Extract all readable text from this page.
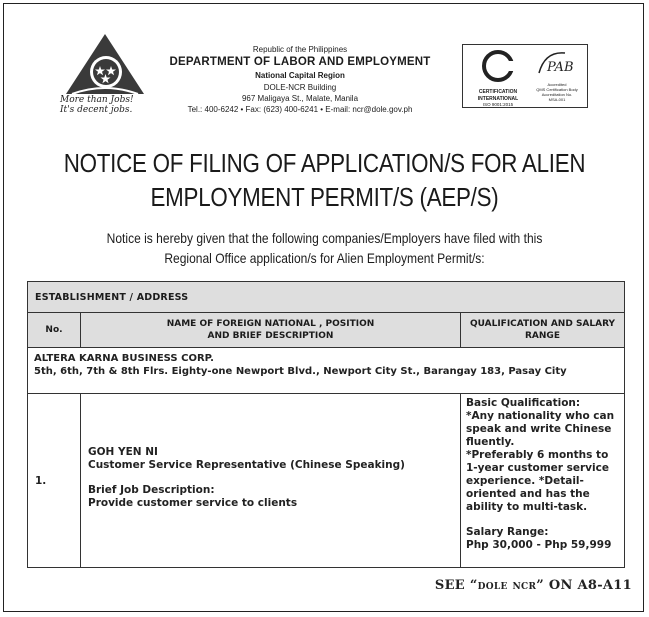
More than Jobs!
It's decent jobs.
Republic of the Philippines
DEPARTMENT OF LABOR AND EMPLOYMENT
National Capital Region
DOLE-NCR Building
967 Maligaya St., Malate, Manila
Tel.: 400-6242 • Fax: (623) 400-6241 • E-mail: ncr@dole.gov.ph
CERTIFICATION
INTERNATIONAL
ISO 9001:2015
PAB
Accredited
QMS Certification Body
Accreditation No.
MSA-001
NOTICE OF FILING OF APPLICATION/S FOR ALIEN
EMPLOYMENT PERMIT/S (AEP/S)
Notice is hereby given that the following companies/Employers have filed with this
Regional Office application/s for Alien Employment Permit/s:
ESTABLISHMENT / ADDRESS
No.
NAME OF FOREIGN NATIONAL , POSITION
AND BRIEF DESCRIPTION
QUALIFICATION AND SALARY
RANGE
ALTERA KARNA BUSINESS CORP.
5th, 6th, 7th & 8th Flrs. Eighty-one Newport Blvd., Newport City St., Barangay 183, Pasay City
1.
GOH YEN NI
Customer Service Representative (Chinese Speaking)
Brief Job Description:
Provide customer service to clients
Basic Qualification:
*Any nationality who can
speak and write Chinese
fluently.
*Preferably 6 months to
1-year customer service
experience. *Detail-
oriented and has the
ability to multi-task.
Salary Range:
Php 30,000 - Php 59,999
SEE “dole ncr” ON A8-A11
